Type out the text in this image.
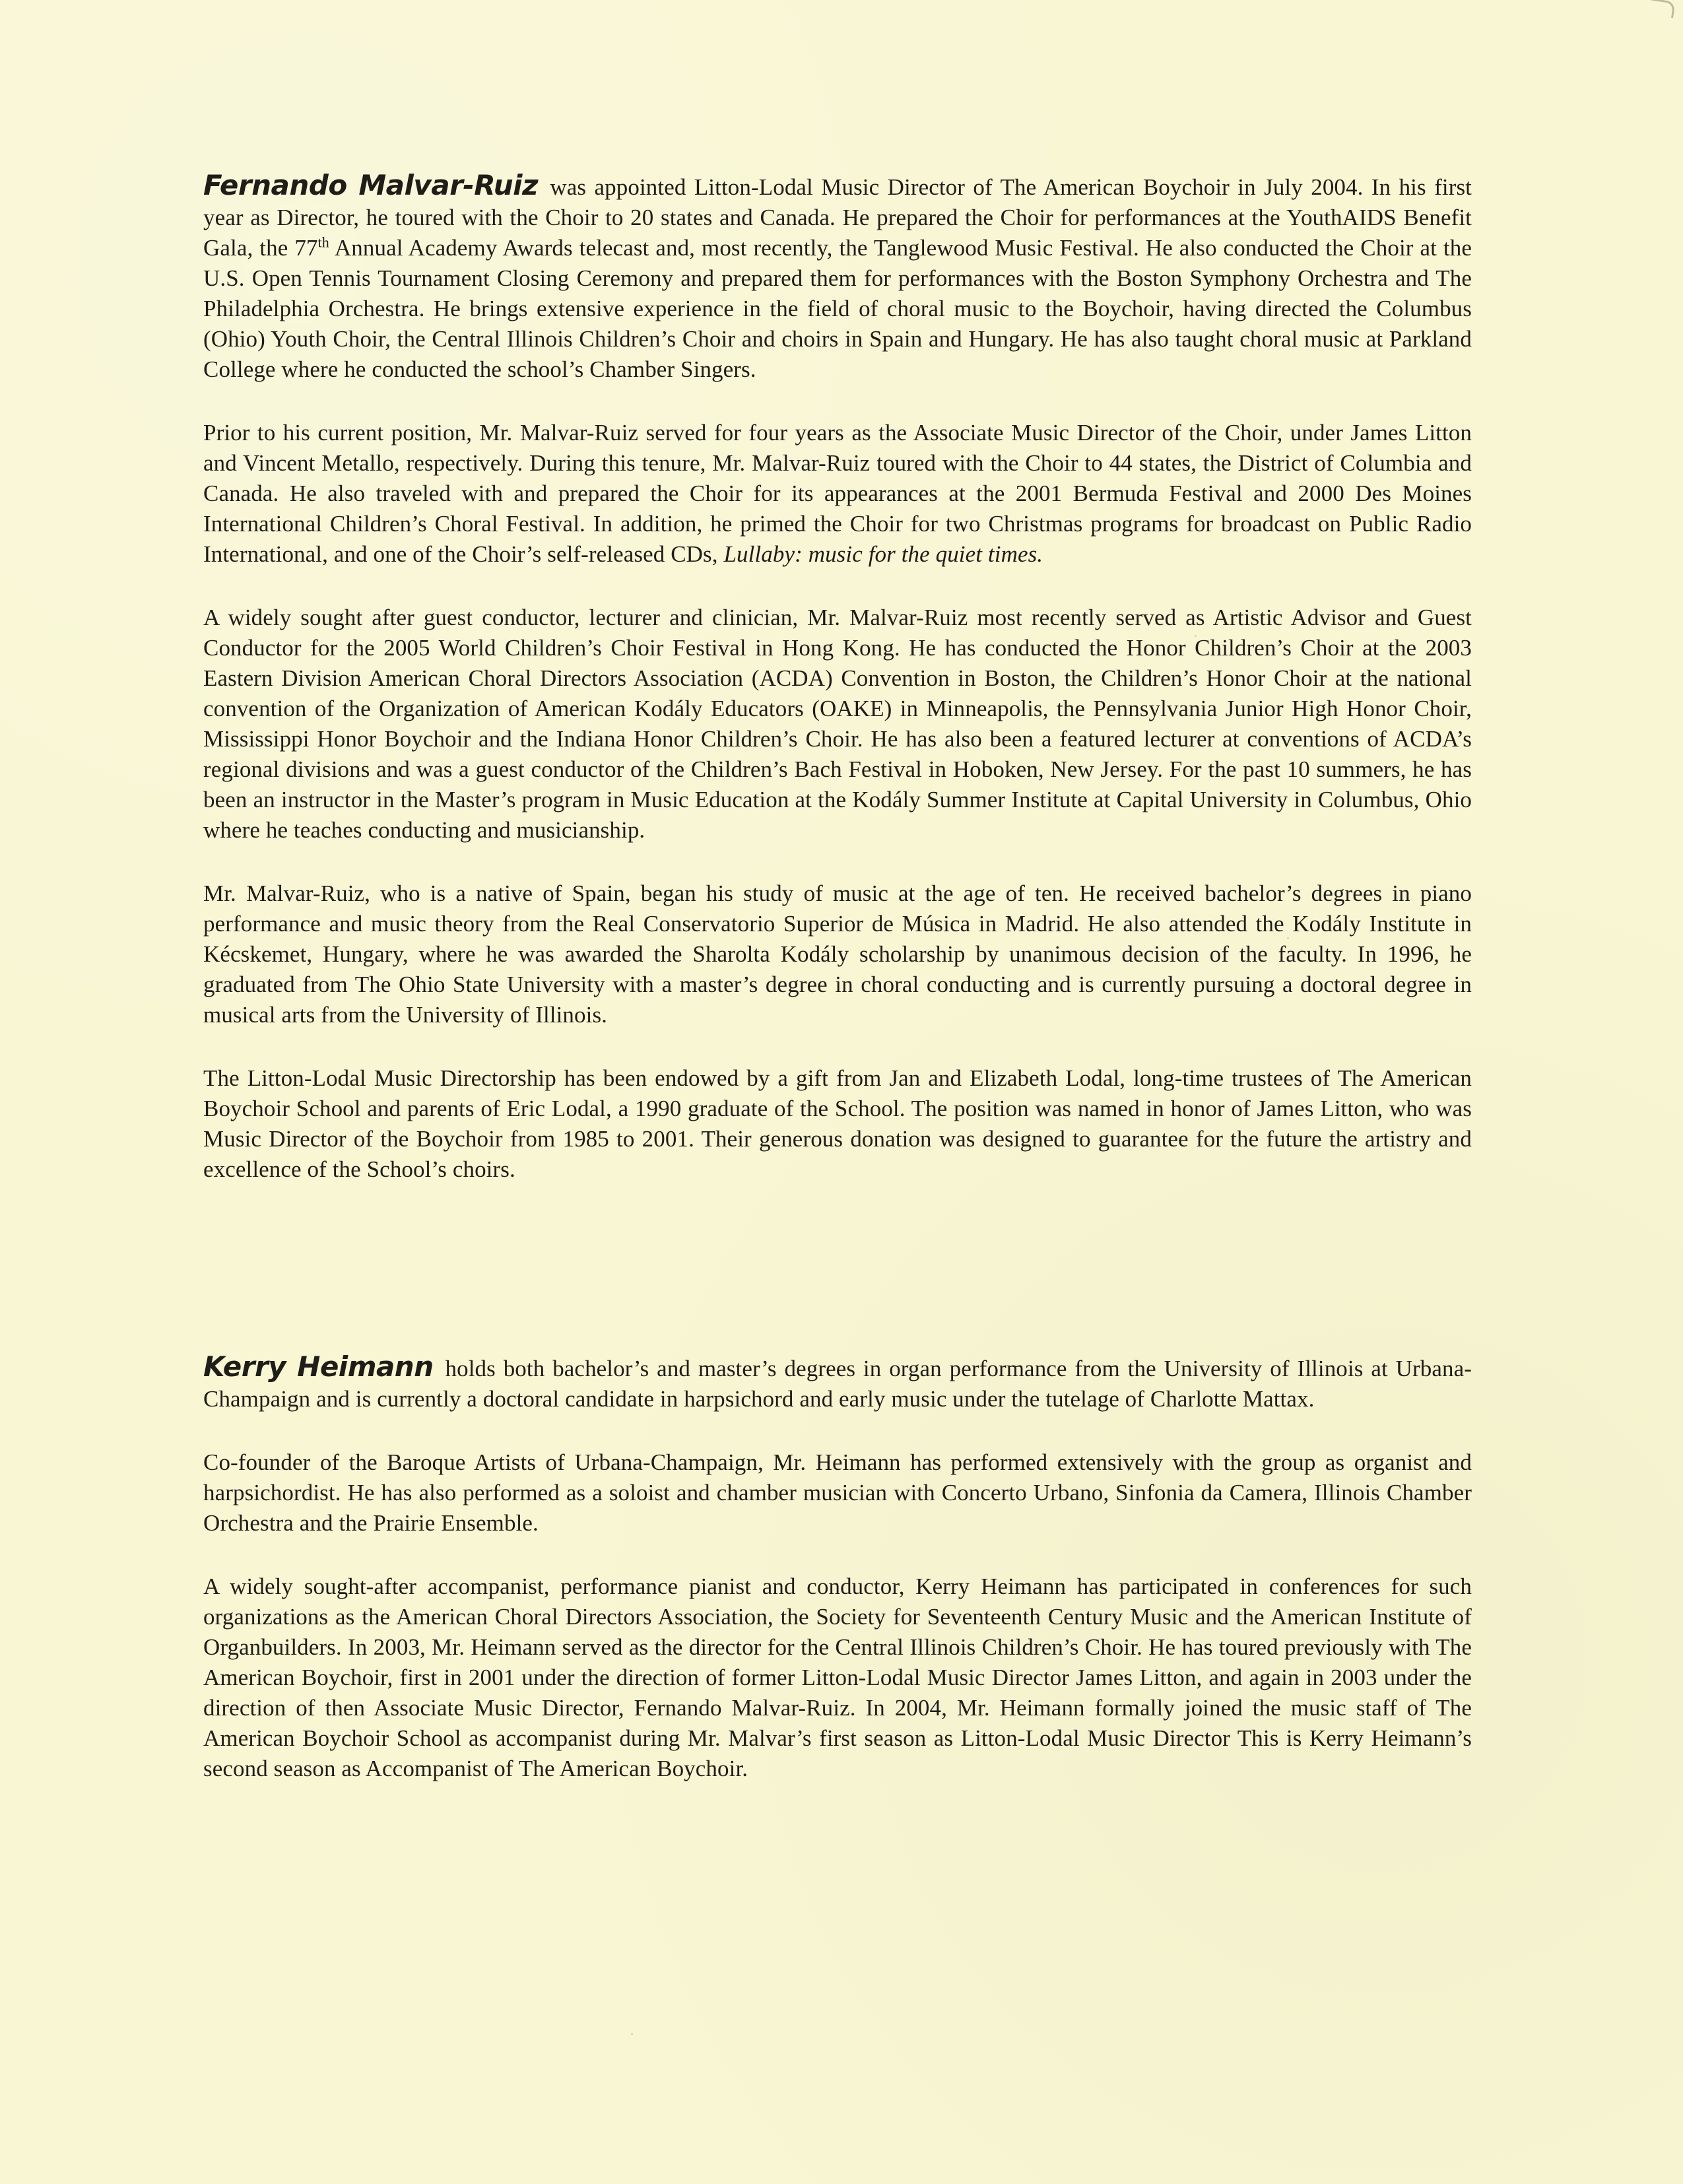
Fernando Malvar-Ruiz was appointed Litton-Lodal Music Director of The American Boychoir in July 2004. In his first year as Director, he toured with the Choir to 20 states and Canada. He prepared the Choir for performances at the YouthAIDS Benefit Gala, the 77th Annual Academy Awards telecast and, most recently, the Tanglewood Music Festival. He also conducted the Choir at the U.S. Open Tennis Tournament Closing Ceremony and prepared them for performances with the Boston Symphony Orchestra and The Philadelphia Orchestra. He brings extensive experience in the field of choral music to the Boychoir, having directed the Columbus (Ohio) Youth Choir, the Central Illinois Children’s Choir and choirs in Spain and Hungary. He has also taught choral music at Parkland College where he conducted the school’s Chamber Singers.

Prior to his current position, Mr. Malvar-Ruiz served for four years as the Associate Music Director of the Choir, under James Litton and Vincent Metallo, respectively. During this tenure, Mr. Malvar-Ruiz toured with the Choir to 44 states, the District of Columbia and Canada. He also traveled with and prepared the Choir for its appearances at the 2001 Bermuda Festival and 2000 Des Moines International Children’s Choral Festival. In addition, he primed the Choir for two Christmas programs for broadcast on Public Radio International, and one of the Choir’s self-released CDs, Lullaby: music for the quiet times.

A widely sought after guest conductor, lecturer and clinician, Mr. Malvar-Ruiz most recently served as Artistic Advisor and Guest Conductor for the 2005 World Children’s Choir Festival in Hong Kong. He has conducted the Honor Children’s Choir at the 2003 Eastern Division American Choral Directors Association (ACDA) Convention in Boston, the Children’s Honor Choir at the national convention of the Organization of American Kodály Educators (OAKE) in Minneapolis, the Pennsylvania Junior High Honor Choir, Mississippi Honor Boychoir and the Indiana Honor Children’s Choir. He has also been a featured lecturer at conventions of ACDA’s regional divisions and was a guest conductor of the Children’s Bach Festival in Hoboken, New Jersey. For the past 10 summers, he has been an instructor in the Master’s program in Music Education at the Kodály Summer Institute at Capital University in Columbus, Ohio where he teaches conducting and musicianship.

Mr. Malvar-Ruiz, who is a native of Spain, began his study of music at the age of ten. He received bachelor’s degrees in piano performance and music theory from the Real Conservatorio Superior de Música in Madrid. He also attended the Kodály Institute in Kécskemet, Hungary, where he was awarded the Sharolta Kodály scholarship by unanimous decision of the faculty. In 1996, he graduated from The Ohio State University with a master’s degree in choral conducting and is currently pursuing a doctoral degree in musical arts from the University of Illinois.

The Litton-Lodal Music Directorship has been endowed by a gift from Jan and Elizabeth Lodal, long-time trustees of The American Boychoir School and parents of Eric Lodal, a 1990 graduate of the School. The position was named in honor of James Litton, who was Music Director of the Boychoir from 1985 to 2001. Their generous donation was designed to guarantee for the future the artistry and excellence of the School’s choirs.

Kerry Heimann holds both bachelor’s and master’s degrees in organ performance from the University of Illinois at Urbana-Champaign and is currently a doctoral candidate in harpsichord and early music under the tutelage of Charlotte Mattax.

Co-founder of the Baroque Artists of Urbana-Champaign, Mr. Heimann has performed extensively with the group as organist and harpsichordist. He has also performed as a soloist and chamber musician with Concerto Urbano, Sinfonia da Camera, Illinois Chamber Orchestra and the Prairie Ensemble.

A widely sought-after accompanist, performance pianist and conductor, Kerry Heimann has participated in conferences for such organizations as the American Choral Directors Association, the Society for Seventeenth Century Music and the American Institute of Organbuilders. In 2003, Mr. Heimann served as the director for the Central Illinois Children’s Choir. He has toured previously with The American Boychoir, first in 2001 under the direction of former Litton-Lodal Music Director James Litton, and again in 2003 under the direction of then Associate Music Director, Fernando Malvar-Ruiz. In 2004, Mr. Heimann formally joined the music staff of The American Boychoir School as accompanist during Mr. Malvar’s first season as Litton-Lodal Music Director This is Kerry Heimann’s second season as Accompanist of The American Boychoir.
